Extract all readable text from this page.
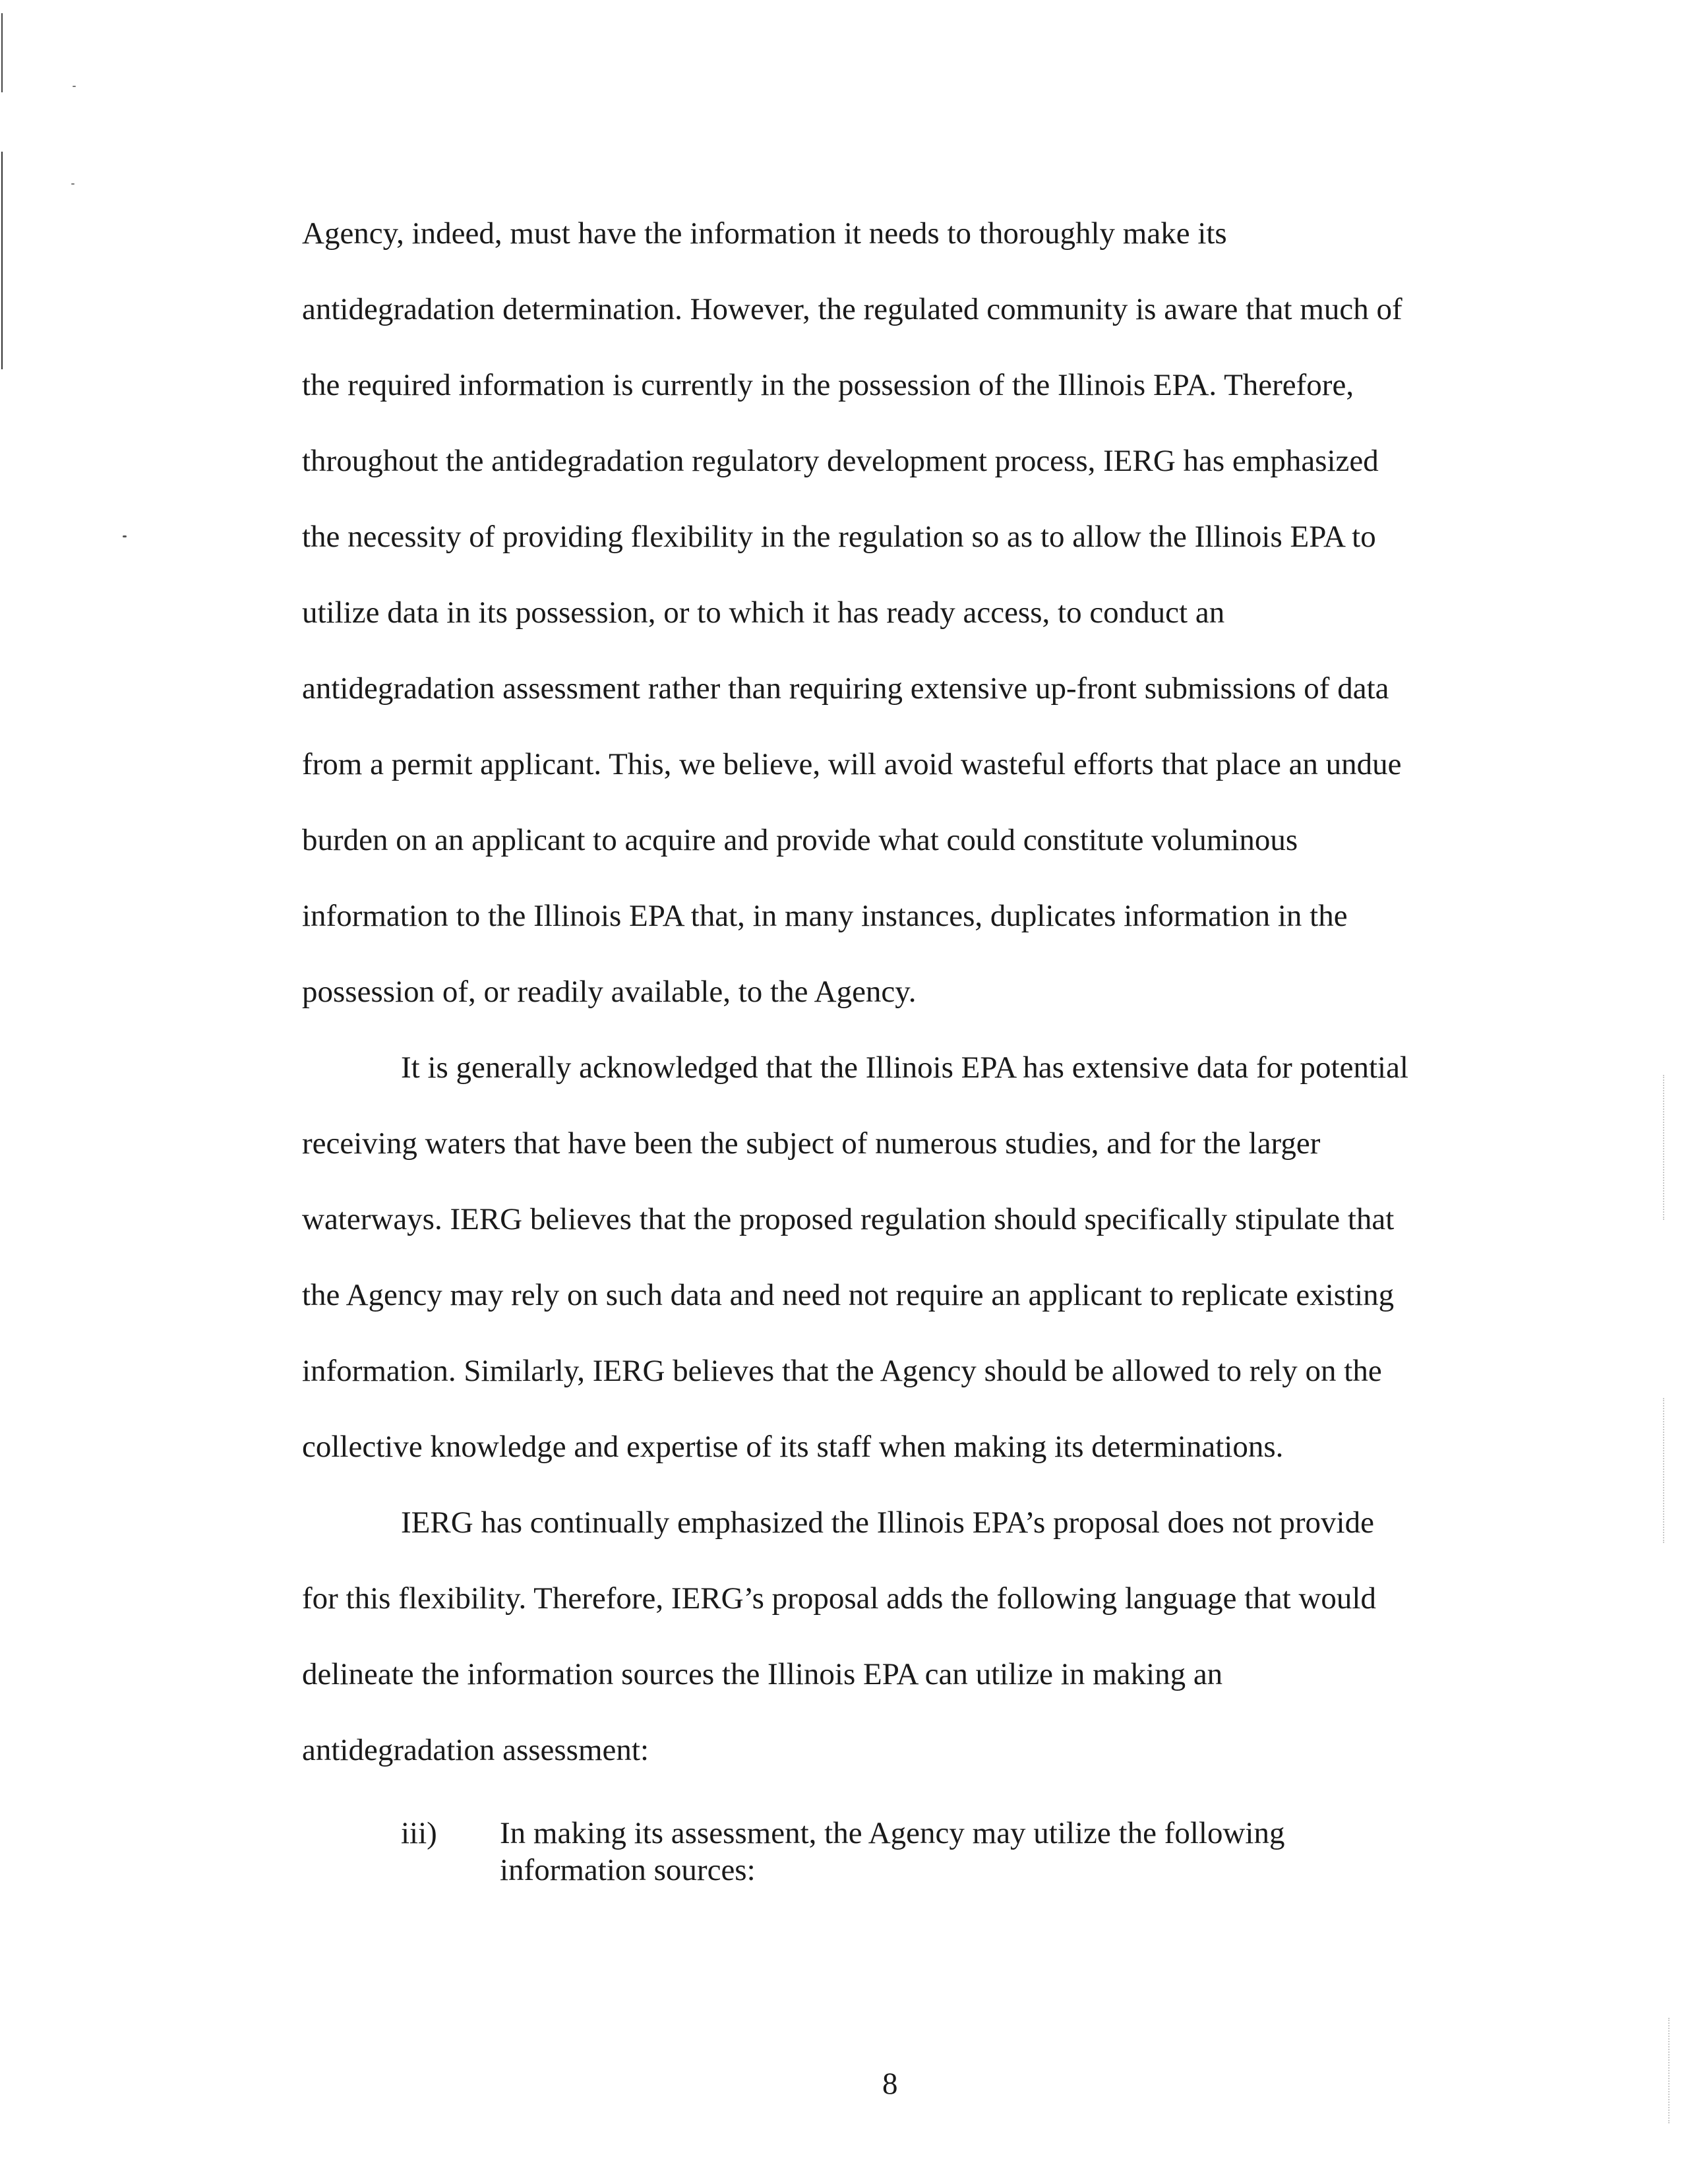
Agency, indeed, must have the information it needs to thoroughly make its
antidegradation determination. However, the regulated community is aware that much of
the required information is currently in the possession of the Illinois EPA. Therefore,
throughout the antidegradation regulatory development process, IERG has emphasized
the necessity of providing flexibility in the regulation so as to allow the Illinois EPA to
utilize data in its possession, or to which it has ready access, to conduct an
antidegradation assessment rather than requiring extensive up-front submissions of data
from a permit applicant. This, we believe, will avoid wasteful efforts that place an undue
burden on an applicant to acquire and provide what could constitute voluminous
information to the Illinois EPA that, in many instances, duplicates information in the
possession of, or readily available, to the Agency.
It is generally acknowledged that the Illinois EPA has extensive data for potential
receiving waters that have been the subject of numerous studies, and for the larger
waterways. IERG believes that the proposed regulation should specifically stipulate that
the Agency may rely on such data and need not require an applicant to replicate existing
information. Similarly, IERG believes that the Agency should be allowed to rely on the
collective knowledge and expertise of its staff when making its determinations.
IERG has continually emphasized the Illinois EPA’s proposal does not provide
for this flexibility. Therefore, IERG’s proposal adds the following language that would
delineate the information sources the Illinois EPA can utilize in making an
antidegradation assessment:
iii) In making its assessment, the Agency may utilize the following
information sources:
8
